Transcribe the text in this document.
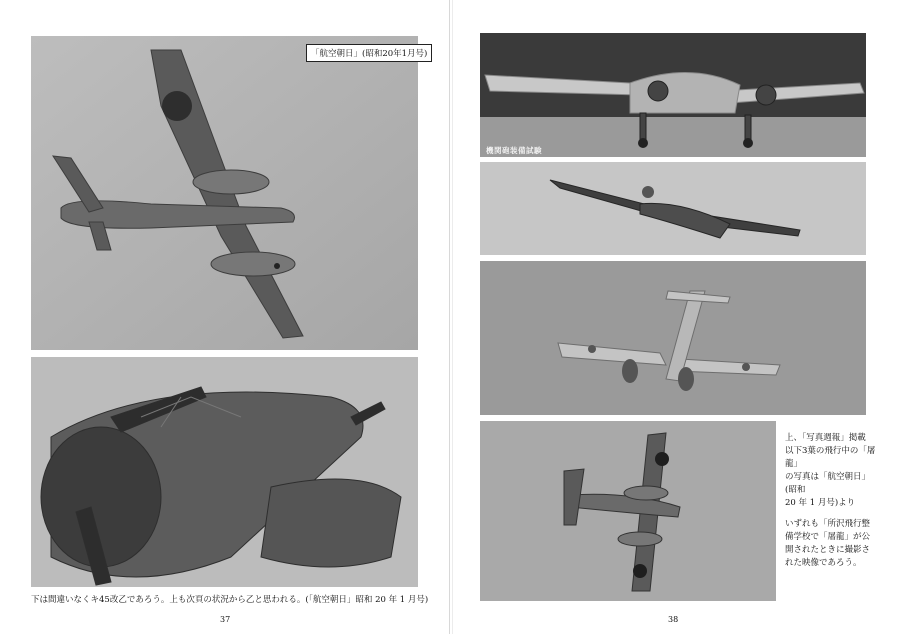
「航空朝日」(昭和20年1月号)
下は間違いなくキ45改乙であろう。上も次頁の状況から乙と思われる。(「航空朝日」昭和 20 年 1 月号)
37
機関砲装備試験

上、「写真週報」掲載
以下3葉の飛行中の「屠龍」
の写真は「航空朝日」(昭和
20 年 1 月号)より

いずれも「所沢飛行整備学校で「屠龍」が公開されたときに撮影された映像であろう。

38
